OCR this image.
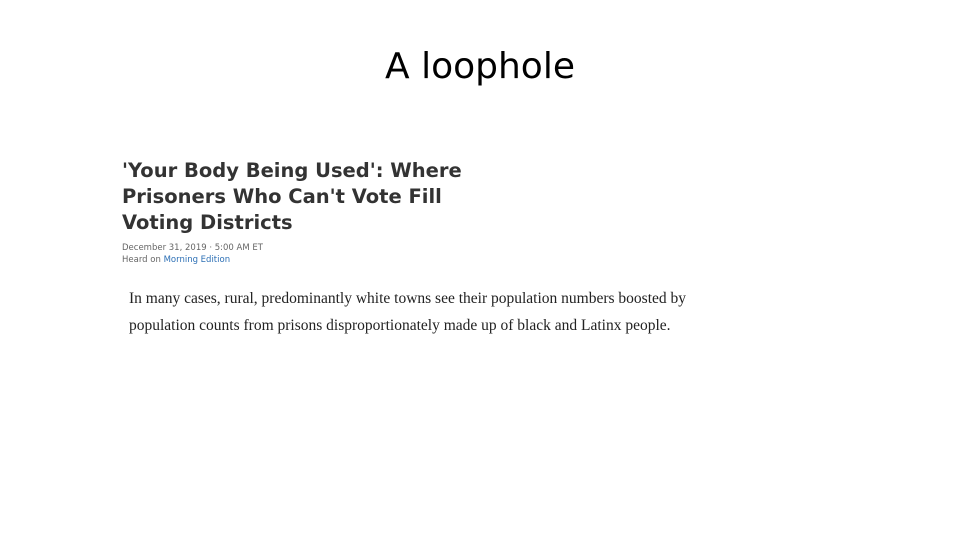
A loophole
'Your Body Being Used': Where Prisoners Who Can't Vote Fill Voting Districts
December 31, 2019 · 5:00 AM ET
Heard on Morning Edition

In many cases, rural, predominantly white towns see their population numbers boosted by population counts from prisons disproportionately made up of black and Latinx people.
